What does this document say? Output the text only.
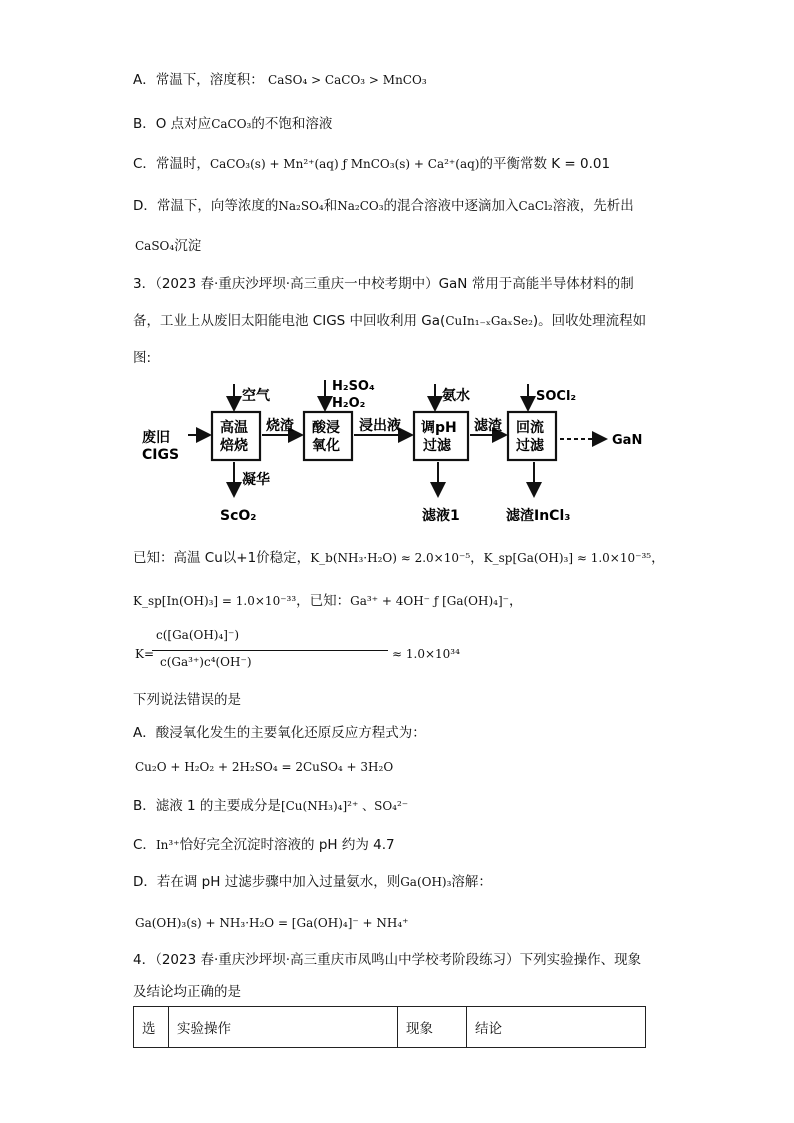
A．常温下，溶度积： CaSO₄ > CaCO₃ > MnCO₃
B．O 点对应CaCO₃的不饱和溶液
C．常温时，CaCO₃(s) + Mn²⁺(aq) ƒ MnCO₃(s) + Ca²⁺(aq)的平衡常数 K = 0.01
D．常温下，向等浓度的Na₂SO₄和Na₂CO₃的混合溶液中逐滴加入CaCl₂溶液，先析出
CaSO₄沉淀
3．（2023 春·重庆沙坪坝·高三重庆一中校考期中）GaN 常用于高能半导体材料的制
备，工业上从废旧太阳能电池 CIGS 中回收利用 Ga(CuIn₁₋ₓGaₓSe₂)。回收处理流程如
图:
废旧
CIGS
高温
焙烧
空气
凝华
ScO₂
烧渣 酸浸
氧化
H₂SO₄
H₂O₂
浸出液 调pH
过滤
氨水
滤液1
滤渣 回流
过滤
SOCl₂
滤渣InCl₃
GaN
已知：高温 Cu以+1价稳定，K_b(NH₃·H₂O) ≈ 2.0×10⁻⁵，K_sp[Ga(OH)₃] ≈ 1.0×10⁻³⁵，
K_sp[In(OH)₃] = 1.0×10⁻³³，已知：Ga³⁺ + 4OH⁻ ƒ [Ga(OH)₄]⁻，
K=
c([Ga(OH)₄]⁻)
c(Ga³⁺)c⁴(OH⁻)
≈ 1.0×10³⁴
下列说法错误的是
A．酸浸氧化发生的主要氧化还原反应方程式为：
Cu₂O + H₂O₂ + 2H₂SO₄ = 2CuSO₄ + 3H₂O
B．滤液 1 的主要成分是[Cu(NH₃)₄]²⁺ 、SO₄²⁻
C．In³⁺恰好完全沉淀时溶液的 pH 约为 4.7
D．若在调 pH 过滤步骤中加入过量氨水，则Ga(OH)₃溶解：
Ga(OH)₃(s) + NH₃·H₂O = [Ga(OH)₄]⁻ + NH₄⁺
4．（2023 春·重庆沙坪坝·高三重庆市凤鸣山中学校考阶段练习）下列实验操作、现象
及结论均正确的是
选	实验操作	现象	结论
